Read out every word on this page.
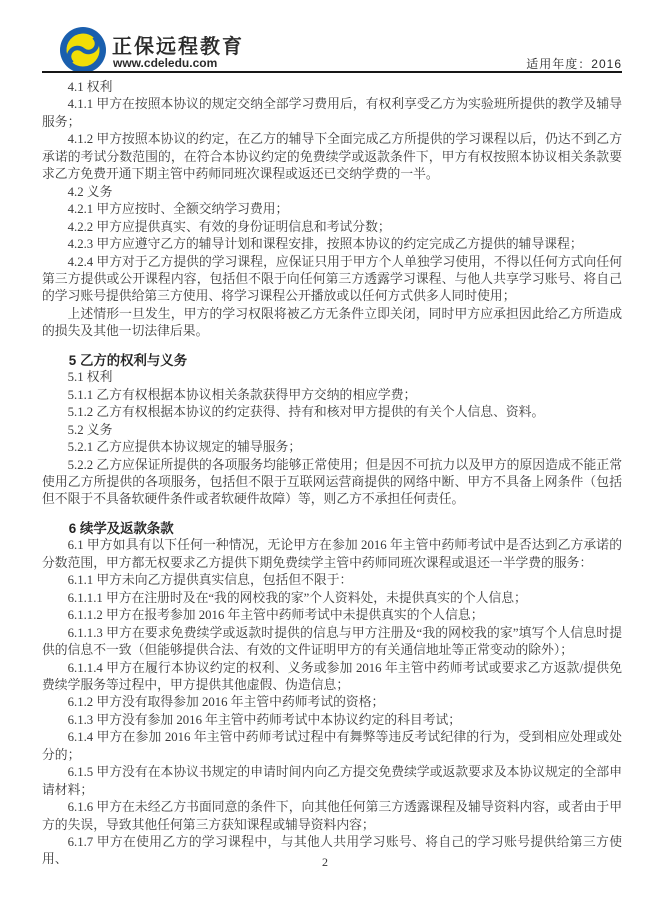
正保远程教育
www.cdeledu.com	适用年度：2016

4.1 权利

4.1.1 甲方在按照本协议的规定交纳全部学习费用后，有权利享受乙方为实验班所提供的教学及辅导服务；

4.1.2 甲方按照本协议的约定，在乙方的辅导下全面完成乙方所提供的学习课程以后，仍达不到乙方承诺的考试分数范围的，在符合本协议约定的免费续学或返款条件下，甲方有权按照本协议相关条款要求乙方免费开通下期主管中药师同班次课程或返还已交纳学费的一半。

4.2 义务

4.2.1 甲方应按时、全额交纳学习费用；

4.2.2 甲方应提供真实、有效的身份证明信息和考试分数；

4.2.3 甲方应遵守乙方的辅导计划和课程安排，按照本协议的约定完成乙方提供的辅导课程；

4.2.4 甲方对于乙方提供的学习课程，应保证只用于甲方个人单独学习使用，不得以任何方式向任何第三方提供或公开课程内容，包括但不限于向任何第三方透露学习课程、与他人共享学习账号、将自己的学习账号提供给第三方使用、将学习课程公开播放或以任何方式供多人同时使用；

上述情形一旦发生，甲方的学习权限将被乙方无条件立即关闭，同时甲方应承担因此给乙方所造成的损失及其他一切法律后果。

5 乙方的权利与义务

5.1 权利

5.1.1 乙方有权根据本协议相关条款获得甲方交纳的相应学费；

5.1.2 乙方有权根据本协议的约定获得、持有和核对甲方提供的有关个人信息、资料。

5.2 义务

5.2.1 乙方应提供本协议规定的辅导服务；

5.2.2 乙方应保证所提供的各项服务均能够正常使用；但是因不可抗力以及甲方的原因造成不能正常使用乙方所提供的各项服务，包括但不限于互联网运营商提供的网络中断、甲方不具备上网条件（包括但不限于不具备软硬件条件或者软硬件故障）等，则乙方不承担任何责任。

6 续学及返款条款

6.1 甲方如具有以下任何一种情况，无论甲方在参加 2016 年主管中药师考试中是否达到乙方承诺的分数范围，甲方都无权要求乙方提供下期免费续学主管中药师同班次课程或退还一半学费的服务：

6.1.1 甲方未向乙方提供真实信息，包括但不限于：

6.1.1.1 甲方在注册时及在“我的网校我的家”个人资料处，未提供真实的个人信息；

6.1.1.2 甲方在报考参加 2016 年主管中药师考试中未提供真实的个人信息；

6.1.1.3 甲方在要求免费续学或返款时提供的信息与甲方注册及“我的网校我的家”填写个人信息时提供的信息不一致（但能够提供合法、有效的文件证明甲方的有关通信地址等正常变动的除外）；

6.1.1.4 甲方在履行本协议约定的权利、义务或参加 2016 年主管中药师考试或要求乙方返款/提供免费续学服务等过程中，甲方提供其他虚假、伪造信息；

6.1.2 甲方没有取得参加 2016 年主管中药师考试的资格；

6.1.3 甲方没有参加 2016 年主管中药师考试中本协议约定的科目考试；

6.1.4 甲方在参加 2016 年主管中药师考试过程中有舞弊等违反考试纪律的行为，受到相应处理或处分的；

6.1.5 甲方没有在本协议书规定的申请时间内向乙方提交免费续学或返款要求及本协议规定的全部申请材料；

6.1.6 甲方在未经乙方书面同意的条件下，向其他任何第三方透露课程及辅导资料内容，或者由于甲方的失误，导致其他任何第三方获知课程或辅导资料内容；

6.1.7 甲方在使用乙方的学习课程中，与其他人共用学习账号、将自己的学习账号提供给第三方使用、	2
